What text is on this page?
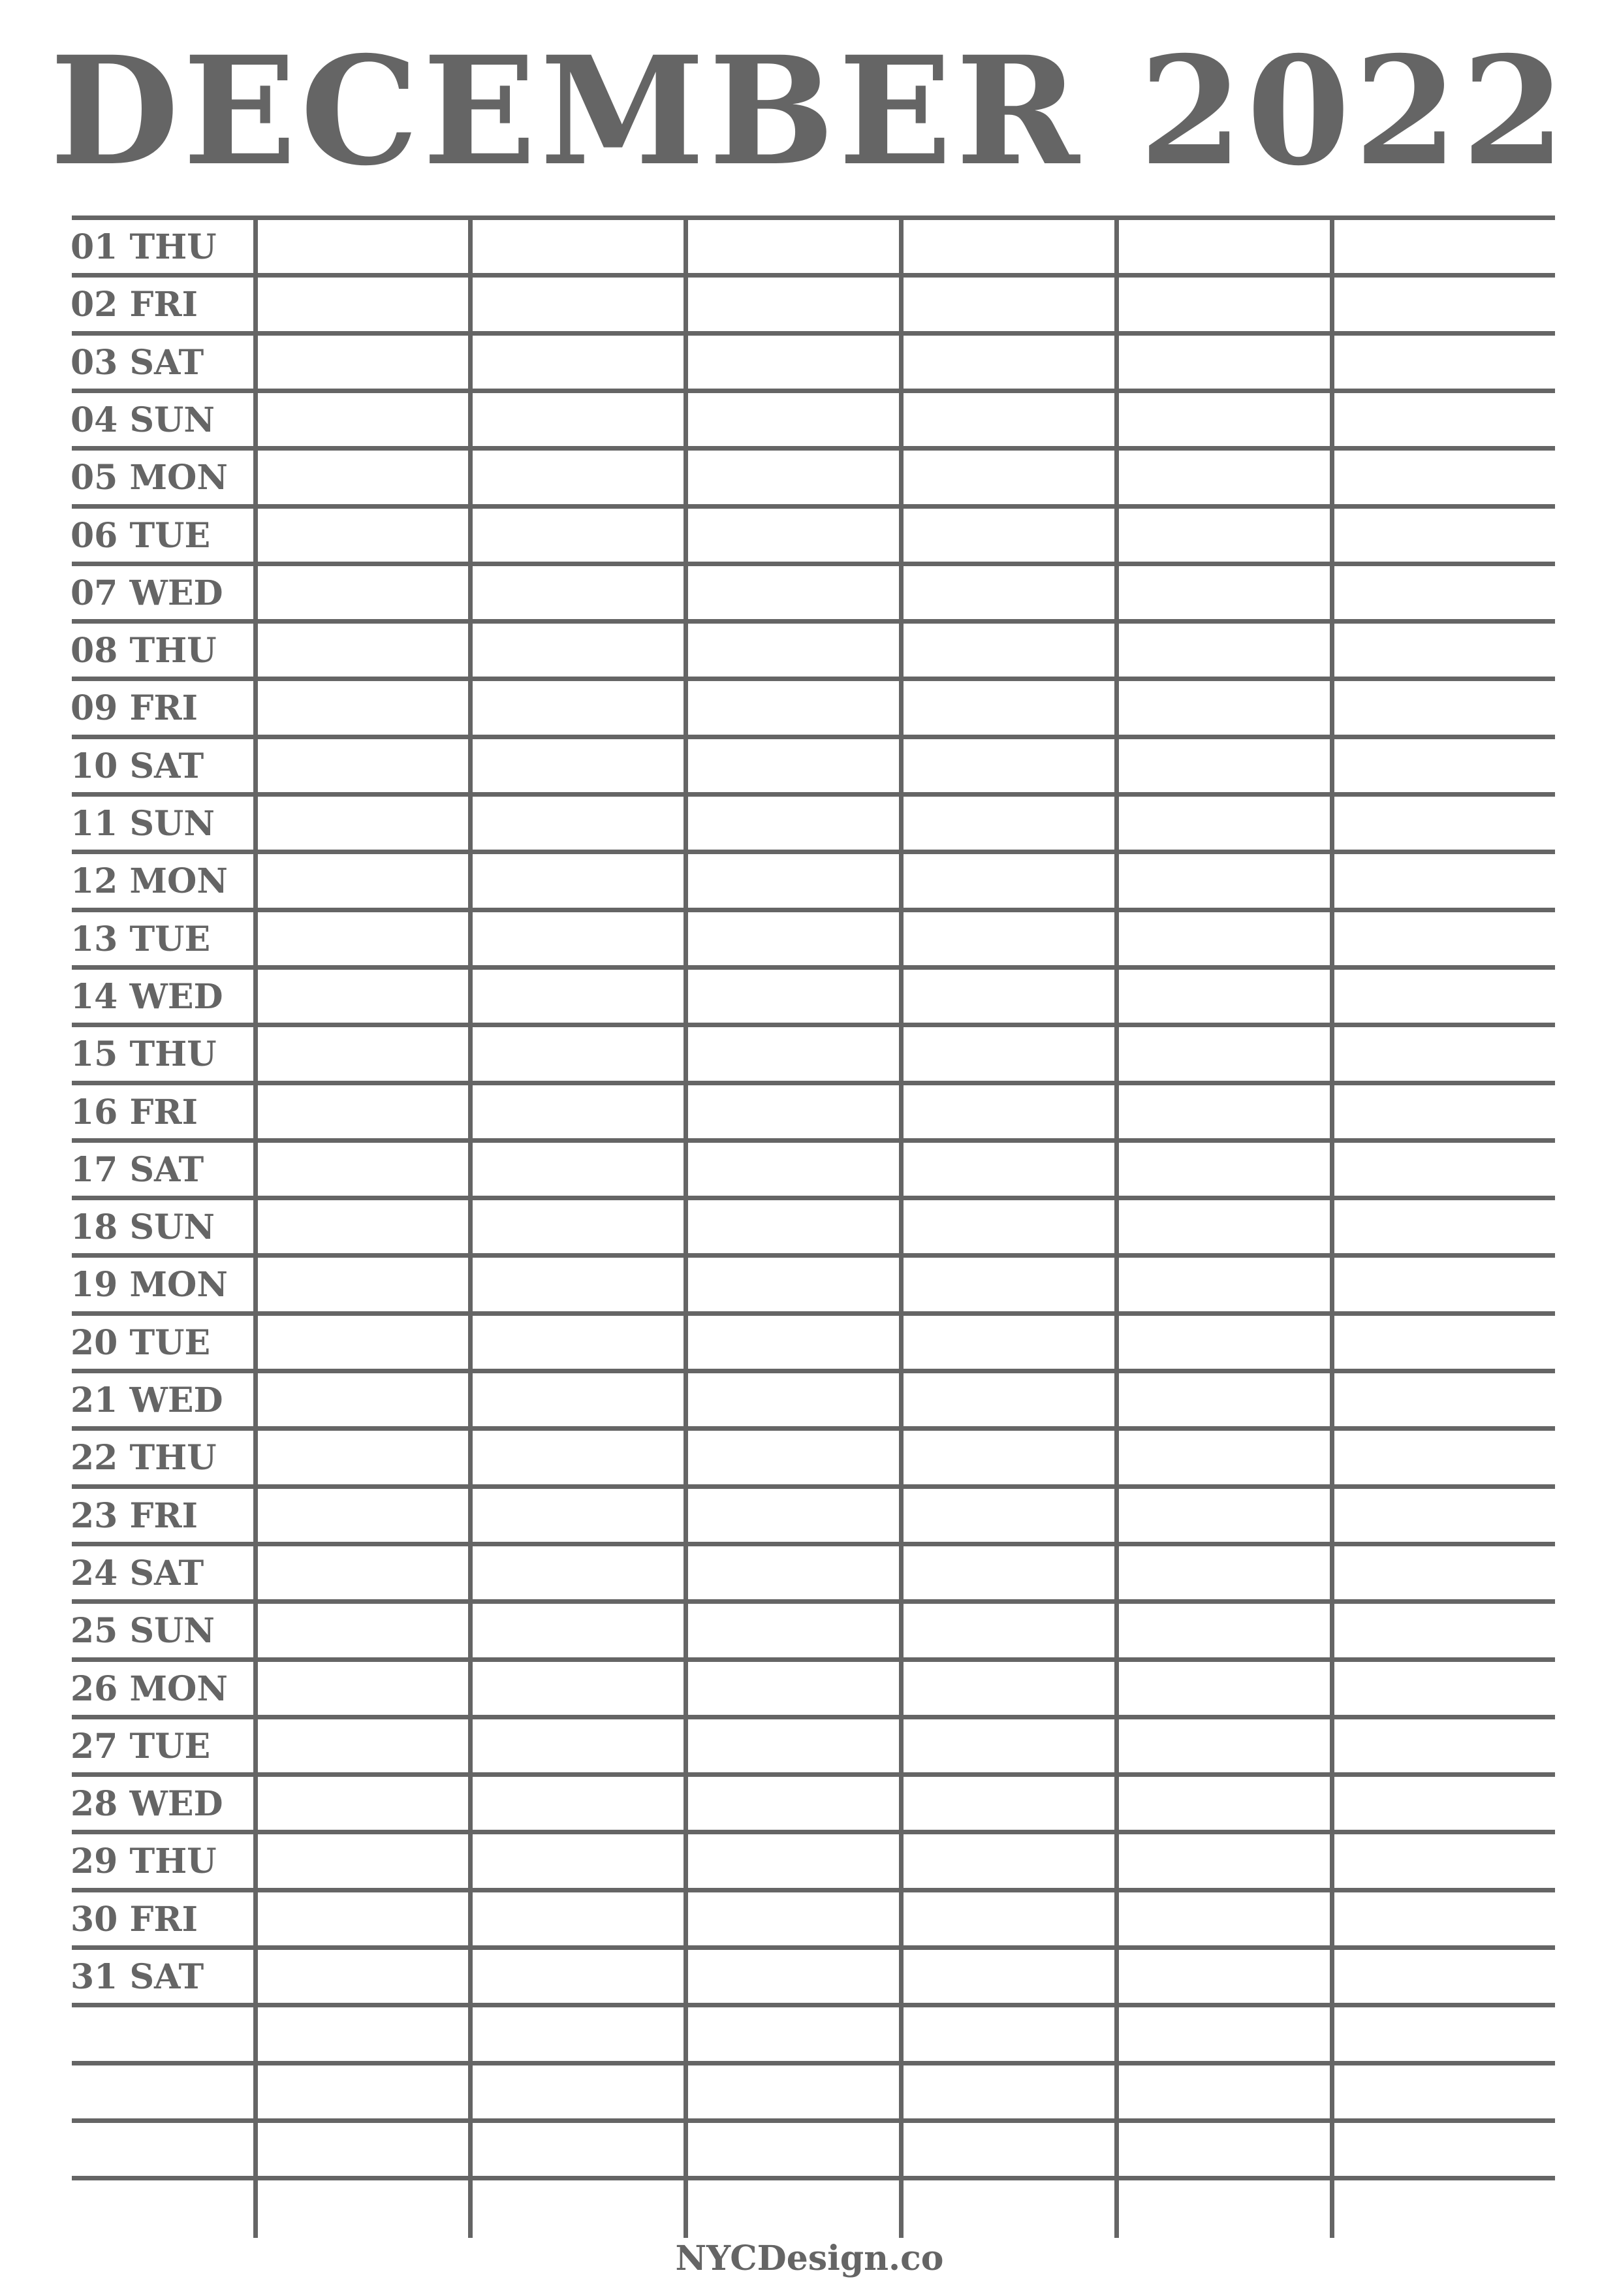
DECEMBER 2022
01 THU
02 FRI
03 SAT
04 SUN
05 MON
06 TUE
07 WED
08 THU
09 FRI
10 SAT
11 SUN
12 MON
13 TUE
14 WED
15 THU
16 FRI
17 SAT
18 SUN
19 MON
20 TUE
21 WED
22 THU
23 FRI
24 SAT
25 SUN
26 MON
27 TUE
28 WED
29 THU
30 FRI
31 SAT
NYCDesign.co
